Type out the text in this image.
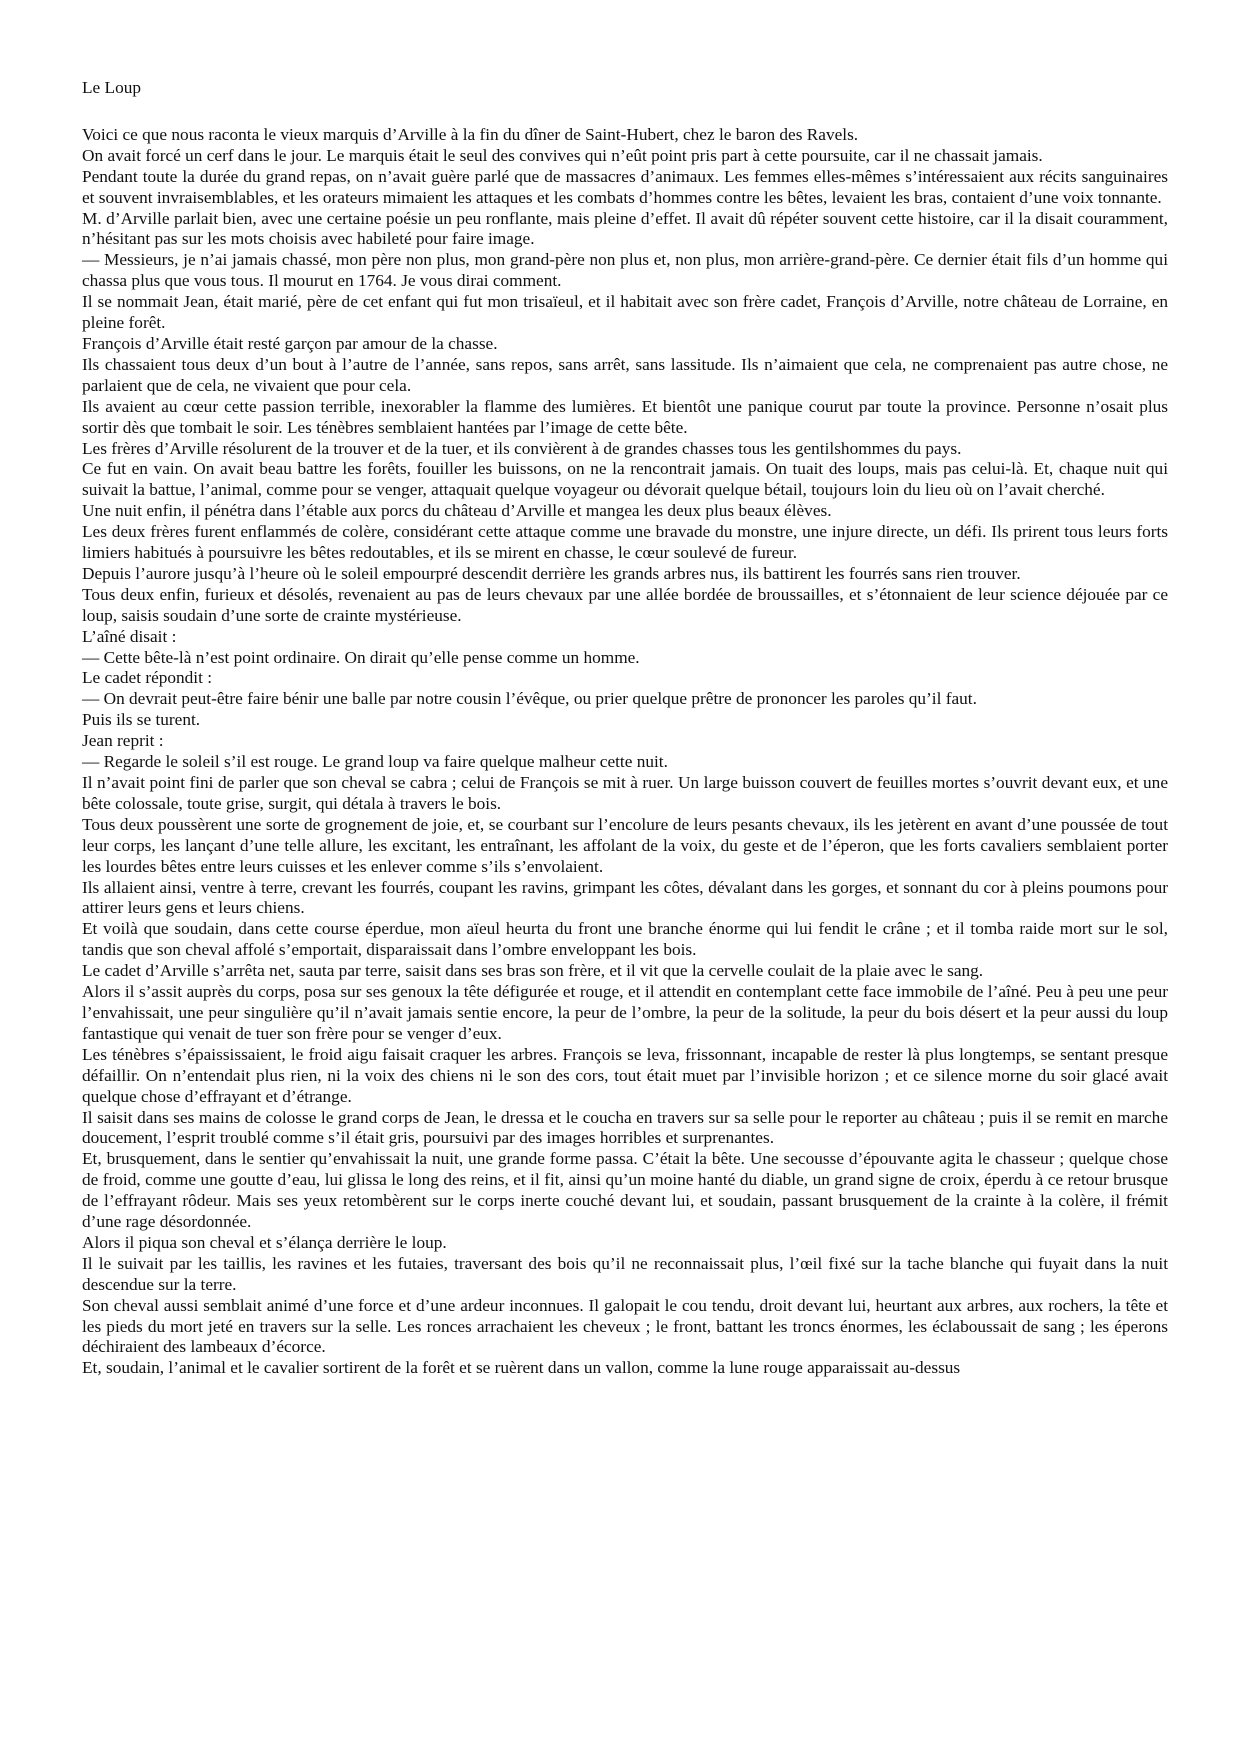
Le Loup

Voici ce que nous raconta le vieux marquis d’Arville à la fin du dîner de Saint-Hubert, chez le baron des Ravels.

On avait forcé un cerf dans le jour. Le marquis était le seul des convives qui n’eût point pris part à cette poursuite, car il ne chassait jamais.

Pendant toute la durée du grand repas, on n’avait guère parlé que de massacres d’animaux. Les femmes elles-mêmes s’intéressaient aux récits sanguinaires et souvent invraisemblables, et les orateurs mimaient les attaques et les combats d’hommes contre les bêtes, levaient les bras, contaient d’une voix tonnante.

M. d’Arville parlait bien, avec une certaine poésie un peu ronflante, mais pleine d’effet. Il avait dû répéter souvent cette histoire, car il la disait couramment, n’hésitant pas sur les mots choisis avec habileté pour faire image.

— Messieurs, je n’ai jamais chassé, mon père non plus, mon grand-père non plus et, non plus, mon arrière-grand-père. Ce dernier était fils d’un homme qui chassa plus que vous tous. Il mourut en 1764. Je vous dirai comment.

Il se nommait Jean, était marié, père de cet enfant qui fut mon trisaïeul, et il habitait avec son frère cadet, François d’Arville, notre château de Lorraine, en pleine forêt.

François d’Arville était resté garçon par amour de la chasse.

Ils chassaient tous deux d’un bout à l’autre de l’année, sans repos, sans arrêt, sans lassitude. Ils n’aimaient que cela, ne comprenaient pas autre chose, ne parlaient que de cela, ne vivaient que pour cela.

Ils avaient au cœur cette passion terrible, inexorabler la flamme des lumières. Et bientôt une panique courut par toute la province. Personne n’osait plus sortir dès que tombait le soir. Les ténèbres semblaient hantées par l’image de cette bête.

Les frères d’Arville résolurent de la trouver et de la tuer, et ils convièrent à de grandes chasses tous les gentilshommes du pays.

Ce fut en vain. On avait beau battre les forêts, fouiller les buissons, on ne la rencontrait jamais. On tuait des loups, mais pas celui-là. Et, chaque nuit qui suivait la battue, l’animal, comme pour se venger, attaquait quelque voyageur ou dévorait quelque bétail, toujours loin du lieu où on l’avait cherché.

Une nuit enfin, il pénétra dans l’étable aux porcs du château d’Arville et mangea les deux plus beaux élèves.

Les deux frères furent enflammés de colère, considérant cette attaque comme une bravade du monstre, une injure directe, un défi. Ils prirent tous leurs forts limiers habitués à poursuivre les bêtes redoutables, et ils se mirent en chasse, le cœur soulevé de fureur.

Depuis l’aurore jusqu’à l’heure où le soleil empourpré descendit derrière les grands arbres nus, ils battirent les fourrés sans rien trouver.

Tous deux enfin, furieux et désolés, revenaient au pas de leurs chevaux par une allée bordée de broussailles, et s’étonnaient de leur science déjouée par ce loup, saisis soudain d’une sorte de crainte mystérieuse.

L’aîné disait :

— Cette bête-là n’est point ordinaire. On dirait qu’elle pense comme un homme.

Le cadet répondit :

— On devrait peut-être faire bénir une balle par notre cousin l’évêque, ou prier quelque prêtre de prononcer les paroles qu’il faut.

Puis ils se turent.

Jean reprit :

— Regarde le soleil s’il est rouge. Le grand loup va faire quelque malheur cette nuit.

Il n’avait point fini de parler que son cheval se cabra ; celui de François se mit à ruer. Un large buisson couvert de feuilles mortes s’ouvrit devant eux, et une bête colossale, toute grise, surgit, qui détala à travers le bois.

Tous deux poussèrent une sorte de grognement de joie, et, se courbant sur l’encolure de leurs pesants chevaux, ils les jetèrent en avant d’une poussée de tout leur corps, les lançant d’une telle allure, les excitant, les entraînant, les affolant de la voix, du geste et de l’éperon, que les forts cavaliers semblaient porter les lourdes bêtes entre leurs cuisses et les enlever comme s’ils s’envolaient.

Ils allaient ainsi, ventre à terre, crevant les fourrés, coupant les ravins, grimpant les côtes, dévalant dans les gorges, et sonnant du cor à pleins poumons pour attirer leurs gens et leurs chiens.

Et voilà que soudain, dans cette course éperdue, mon aïeul heurta du front une branche énorme qui lui fendit le crâne ; et il tomba raide mort sur le sol, tandis que son cheval affolé s’emportait, disparaissait dans l’ombre enveloppant les bois.

Le cadet d’Arville s’arrêta net, sauta par terre, saisit dans ses bras son frère, et il vit que la cervelle coulait de la plaie avec le sang.

Alors il s’assit auprès du corps, posa sur ses genoux la tête défigurée et rouge, et il attendit en contemplant cette face immobile de l’aîné. Peu à peu une peur l’envahissait, une peur singulière qu’il n’avait jamais sentie encore, la peur de l’ombre, la peur de la solitude, la peur du bois désert et la peur aussi du loup fantastique qui venait de tuer son frère pour se venger d’eux.

Les ténèbres s’épaississaient, le froid aigu faisait craquer les arbres. François se leva, frissonnant, incapable de rester là plus longtemps, se sentant presque défaillir. On n’entendait plus rien, ni la voix des chiens ni le son des cors, tout était muet par l’invisible horizon ; et ce silence morne du soir glacé avait quelque chose d’effrayant et d’étrange.

Il saisit dans ses mains de colosse le grand corps de Jean, le dressa et le coucha en travers sur sa selle pour le reporter au château ; puis il se remit en marche doucement, l’esprit troublé comme s’il était gris, poursuivi par des images horribles et surprenantes.

Et, brusquement, dans le sentier qu’envahissait la nuit, une grande forme passa. C’était la bête. Une secousse d’épouvante agita le chasseur ; quelque chose de froid, comme une goutte d’eau, lui glissa le long des reins, et il fit, ainsi qu’un moine hanté du diable, un grand signe de croix, éperdu à ce retour brusque de l’effrayant rôdeur. Mais ses yeux retombèrent sur le corps inerte couché devant lui, et soudain, passant brusquement de la crainte à la colère, il frémit d’une rage désordonnée.

Alors il piqua son cheval et s’élança derrière le loup.

Il le suivait par les taillis, les ravines et les futaies, traversant des bois qu’il ne reconnaissait plus, l’œil fixé sur la tache blanche qui fuyait dans la nuit descendue sur la terre.

Son cheval aussi semblait animé d’une force et d’une ardeur inconnues. Il galopait le cou tendu, droit devant lui, heurtant aux arbres, aux rochers, la tête et les pieds du mort jeté en travers sur la selle. Les ronces arrachaient les cheveux ; le front, battant les troncs énormes, les éclaboussait de sang ; les éperons déchiraient des lambeaux d’écorce.

Et, soudain, l’animal et le cavalier sortirent de la forêt et se ruèrent dans un vallon, comme la lune rouge apparaissait au-dessus
